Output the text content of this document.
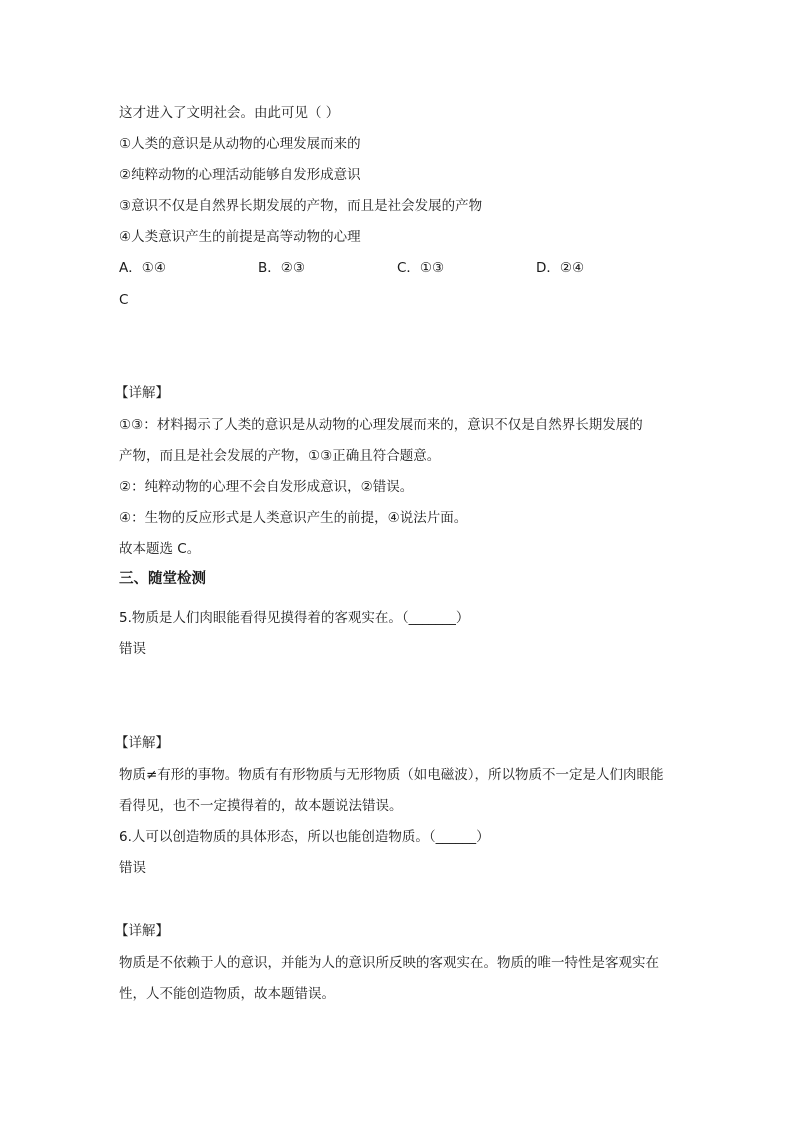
这才进入了文明社会。由此可见（ ）
①人类的意识是从动物的心理发展而来的
②纯粹动物的心理活动能够自发形成意识
③意识不仅是自然界长期发展的产物，而且是社会发展的产物
④人类意识产生的前提是高等动物的心理
A．①④	B．②③	C．①③	D．②④
C
【详解】
①③：材料揭示了人类的意识是从动物的心理发展而来的，意识不仅是自然界长期发展的
产物，而且是社会发展的产物，①③正确且符合题意。
②：纯粹动物的心理不会自发形成意识，②错误。
④：生物的反应形式是人类意识产生的前提，④说法片面。
故本题选 C。
三、随堂检测
5.物质是人们肉眼能看得见摸得着的客观实在。（_______）
错误
【详解】
物质≠有形的事物。物质有有形物质与无形物质（如电磁波），所以物质不一定是人们肉眼能
看得见，也不一定摸得着的，故本题说法错误。
6.人可以创造物质的具体形态，所以也能创造物质。（______）
错误
【详解】
物质是不依赖于人的意识，并能为人的意识所反映的客观实在。物质的唯一特性是客观实在
性，人不能创造物质，故本题错误。
